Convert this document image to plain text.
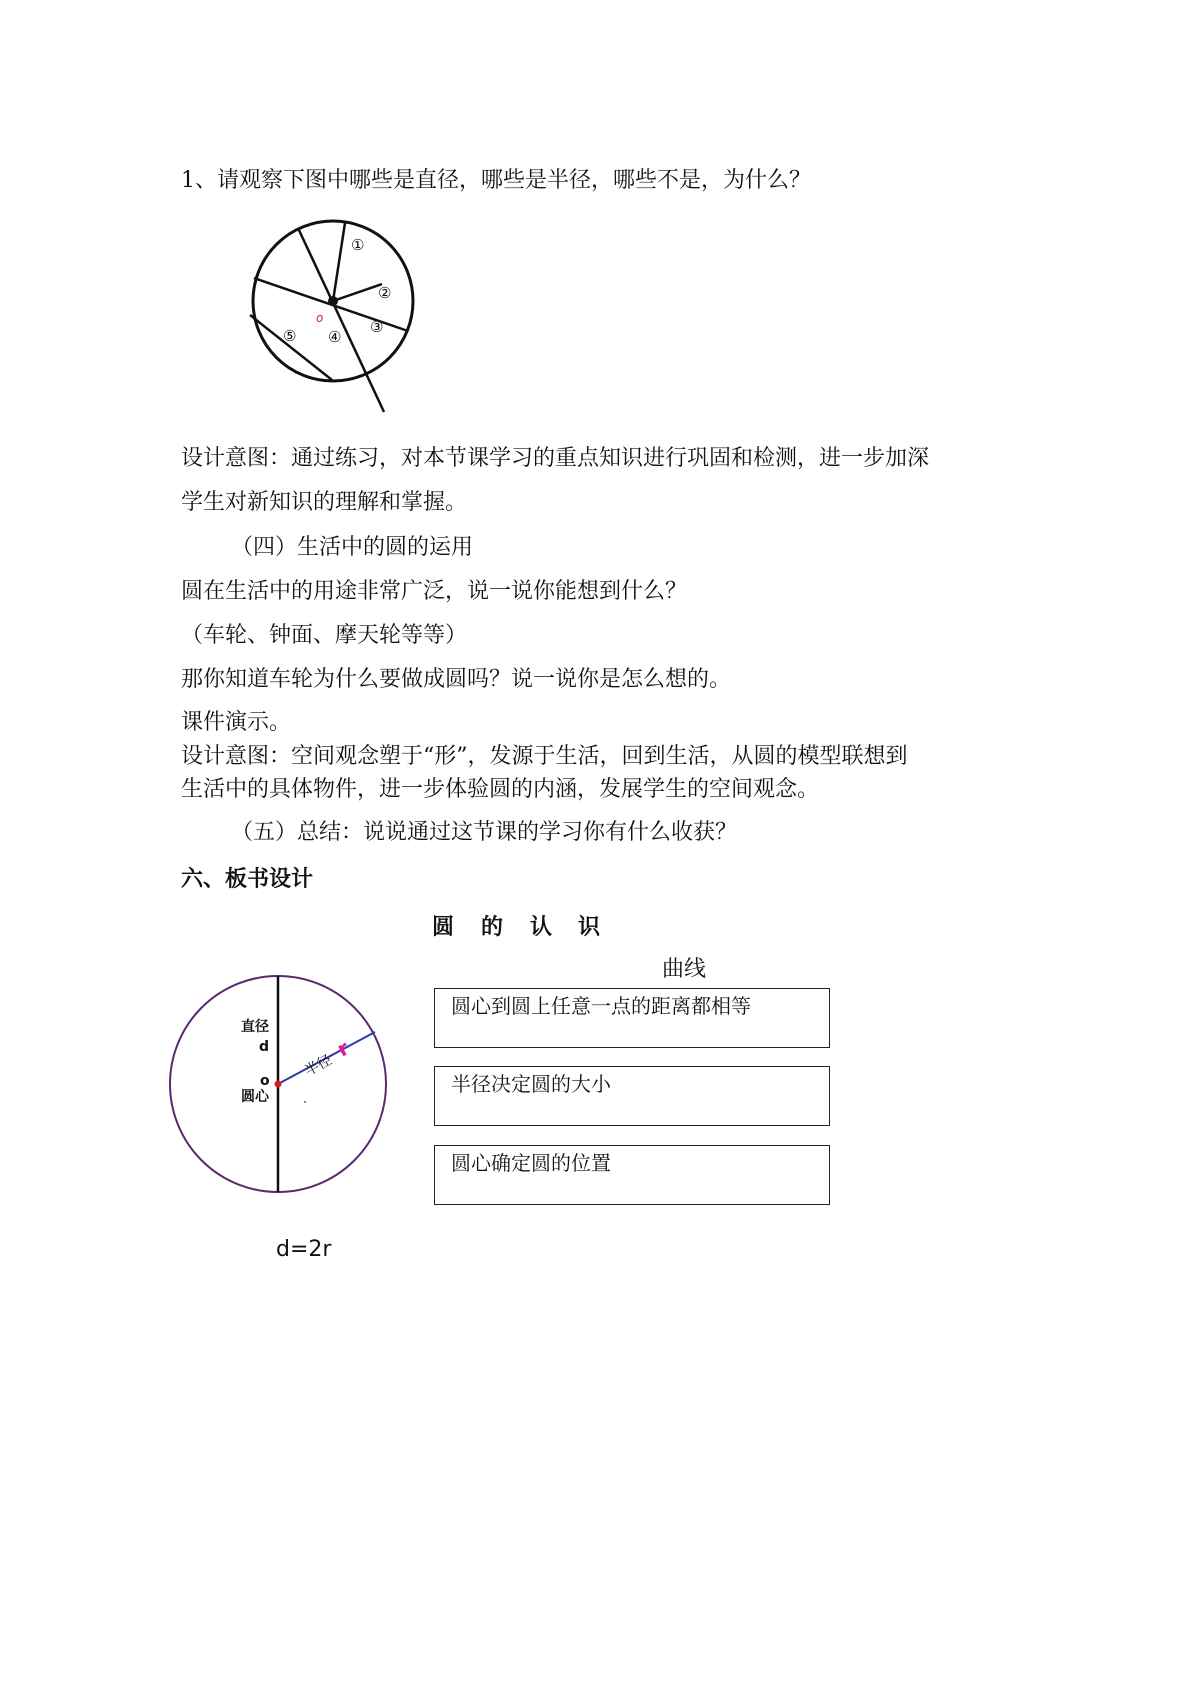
1、请观察下图中哪些是直径，哪些是半径，哪些不是，为什么？
o
①
②
③
④
⑤
设计意图：通过练习，对本节课学习的重点知识进行巩固和检测，进一步加深
学生对新知识的理解和掌握。
（四）生活中的圆的运用
圆在生活中的用途非常广泛，说一说你能想到什么？
（车轮、钟面、摩天轮等等）
那你知道车轮为什么要做成圆吗？说一说你是怎么想的。
课件演示。
设计意图：空间观念塑于“形”，发源于生活，回到生活，从圆的模型联想到
生活中的具体物件，进一步体验圆的内涵，发展学生的空间观念。
（五）总结：说说通过这节课的学习你有什么收获？
六、板书设计
圆 的 认 识
曲线
圆心到圆上任意一点的距离都相等
半径决定圆的大小
圆心确定圆的位置
直径
d
o
圆心
半径
r
d=2r
